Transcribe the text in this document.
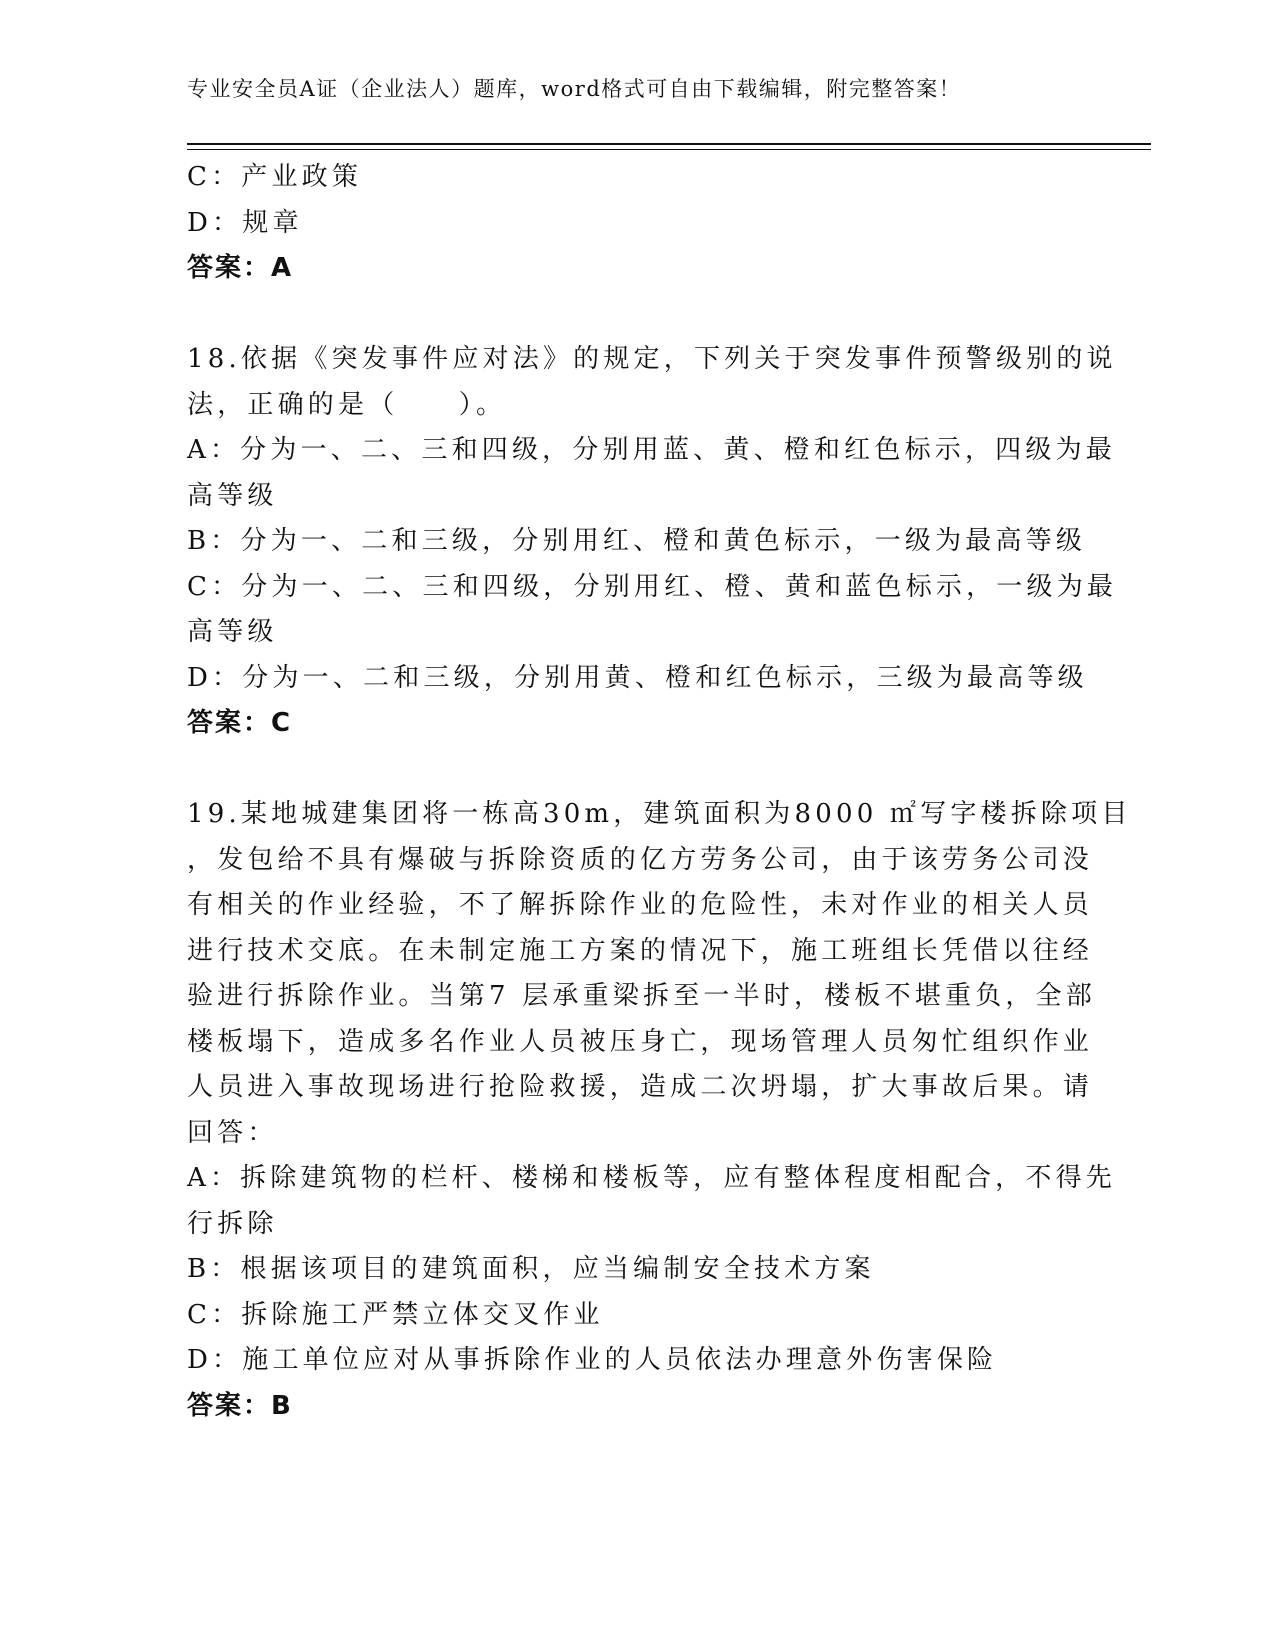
专业安全员A证（企业法人）题库，word格式可自由下载编辑，附完整答案！
C：产业政策
D：规章
答案：A
18.依据《突发事件应对法》的规定，下列关于突发事件预警级别的说
法，正确的是（　　）。
A：分为一、二、三和四级，分别用蓝、黄、橙和红色标示，四级为最
高等级
B：分为一、二和三级，分别用红、橙和黄色标示，一级为最高等级
C：分为一、二、三和四级，分别用红、橙、黄和蓝色标示，一级为最
高等级
D：分为一、二和三级，分别用黄、橙和红色标示，三级为最高等级
答案：C
19.某地城建集团将一栋高30m，建筑面积为8000 ㎡写字楼拆除项目
，发包给不具有爆破与拆除资质的亿方劳务公司，由于该劳务公司没
有相关的作业经验，不了解拆除作业的危险性，未对作业的相关人员
进行技术交底。在未制定施工方案的情况下，施工班组长凭借以往经
验进行拆除作业。当第7 层承重梁拆至一半时，楼板不堪重负，全部
楼板塌下，造成多名作业人员被压身亡，现场管理人员匆忙组织作业
人员进入事故现场进行抢险救援，造成二次坍塌，扩大事故后果。请
回答：
A：拆除建筑物的栏杆、楼梯和楼板等，应有整体程度相配合，不得先
行拆除
B：根据该项目的建筑面积，应当编制安全技术方案
C：拆除施工严禁立体交叉作业
D：施工单位应对从事拆除作业的人员依法办理意外伤害保险
答案：B
